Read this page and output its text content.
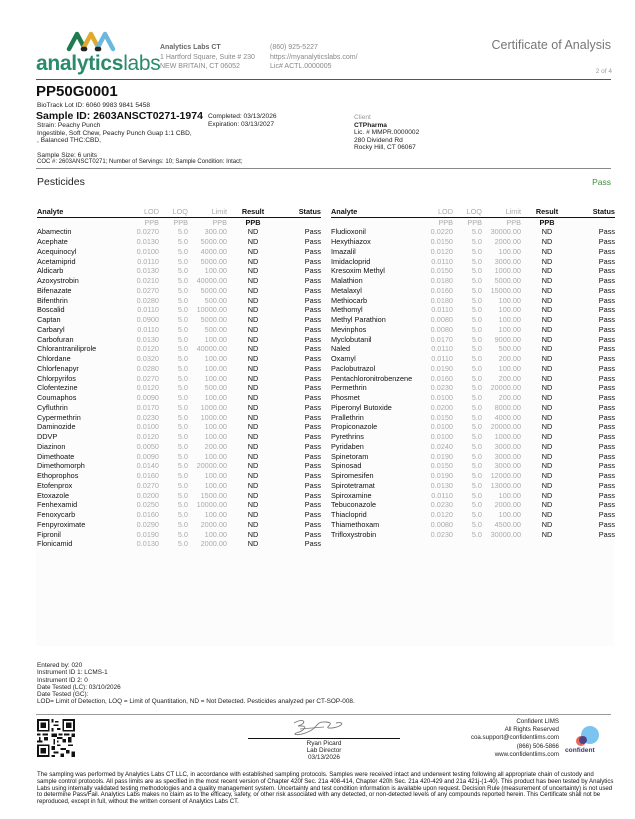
analyticslabs
Analytics Labs CT
1 Hartford Square, Suite # 230
NEW BRITAIN, CT 06052
(860) 925-5227
https://myanalyticslabs.com/
Lic# ACTL.0000005
Certificate of Analysis
2 of 4
PP50G0001
BioTrack Lot ID: 6060 9983 9841 5458
Sample ID: 2603ANSCT0271-1974
Strain: Peachy Punch
Ingestible, Soft Chew, Peachy Punch Guap 1:1 CBD,
, Balanced THC:CBD,
Sample Size: 6 units
COC #: 2603ANSCT0271; Number of Servings: 10; Sample Condition: Intact;
Completed: 03/13/2026
Expiration: 03/13/2027
Client
CTPharma
Lic. # MMPR.0000002
280 Dividend Rd
Rocky Hill, CT 06067
Pesticides	Pass
Analyte	LOD	LOQ	Limit	Result	Status
PPB	PPB	PPB	PPB
Abamectin	0.0270	5.0	300.00	ND	Pass
Acephate	0.0130	5.0	5000.00	ND	Pass
Acequinocyl	0.0100	5.0	4000.00	ND	Pass
Acetamiprid	0.0110	5.0	5000.00	ND	Pass
Aldicarb	0.0130	5.0	100.00	ND	Pass
Azoxystrobin	0.0210	5.0	40000.00	ND	Pass
Bifenazate	0.0270	5.0	5000.00	ND	Pass
Bifenthrin	0.0280	5.0	500.00	ND	Pass
Boscalid	0.0110	5.0	10000.00	ND	Pass
Captan	0.0900	5.0	5000.00	ND	Pass
Carbaryl	0.0110	5.0	500.00	ND	Pass
Carbofuran	0.0130	5.0	100.00	ND	Pass
Chlorantraniliprole	0.0120	5.0	40000.00	ND	Pass
Chlordane	0.0320	5.0	100.00	ND	Pass
Chlorfenapyr	0.0280	5.0	100.00	ND	Pass
Chlorpyrifos	0.0270	5.0	100.00	ND	Pass
Clofentezine	0.0120	5.0	500.00	ND	Pass
Coumaphos	0.0090	5.0	100.00	ND	Pass
Cyfluthrin	0.0170	5.0	1000.00	ND	Pass
Cypermethrin	0.0230	5.0	1000.00	ND	Pass
Daminozide	0.0100	5.0	100.00	ND	Pass
DDVP	0.0120	5.0	100.00	ND	Pass
Diazinon	0.0050	5.0	200.00	ND	Pass
Dimethoate	0.0090	5.0	100.00	ND	Pass
Dimethomorph	0.0140	5.0	20000.00	ND	Pass
Ethoprophos	0.0160	5.0	100.00	ND	Pass
Etofenprox	0.0270	5.0	100.00	ND	Pass
Etoxazole	0.0200	5.0	1500.00	ND	Pass
Fenhexamid	0.0250	5.0	10000.00	ND	Pass
Fenoxycarb	0.0160	5.0	100.00	ND	Pass
Fenpyroximate	0.0290	5.0	2000.00	ND	Pass
Fipronil	0.0190	5.0	100.00	ND	Pass
Flonicamid	0.0130	5.0	2000.00	ND	Pass
Analyte	LOD	LOQ	Limit	Result	Status
PPB	PPB	PPB	PPB
Fludioxonil	0.0220	5.0	30000.00	ND	Pass
Hexythiazox	0.0150	5.0	2000.00	ND	Pass
Imazalil	0.0120	5.0	100.00	ND	Pass
Imidacloprid	0.0110	5.0	3000.00	ND	Pass
Kresoxim Methyl	0.0150	5.0	1000.00	ND	Pass
Malathion	0.0180	5.0	5000.00	ND	Pass
Metalaxyl	0.0160	5.0	15000.00	ND	Pass
Methiocarb	0.0180	5.0	100.00	ND	Pass
Methomyl	0.0110	5.0	100.00	ND	Pass
Methyl Parathion	0.0080	5.0	100.00	ND	Pass
Mevinphos	0.0080	5.0	100.00	ND	Pass
Myclobutanil	0.0170	5.0	9000.00	ND	Pass
Naled	0.0110	5.0	500.00	ND	Pass
Oxamyl	0.0110	5.0	200.00	ND	Pass
Paclobutrazol	0.0190	5.0	100.00	ND	Pass
Pentachloronitrobenzene	0.0160	5.0	200.00	ND	Pass
Permethrin	0.0230	5.0	20000.00	ND	Pass
Phosmet	0.0100	5.0	200.00	ND	Pass
Piperonyl Butoxide	0.0200	5.0	8000.00	ND	Pass
Prallethrin	0.0150	5.0	4000.00	ND	Pass
Propiconazole	0.0100	5.0	20000.00	ND	Pass
Pyrethrins	0.0100	5.0	1000.00	ND	Pass
Pyridaben	0.0240	5.0	3000.00	ND	Pass
Spinetoram	0.0190	5.0	3000.00	ND	Pass
Spinosad	0.0150	5.0	3000.00	ND	Pass
Spiromesifen	0.0190	5.0	12000.00	ND	Pass
Spirotetramat	0.0130	5.0	13000.00	ND	Pass
Spiroxamine	0.0110	5.0	100.00	ND	Pass
Tebuconazole	0.0230	5.0	2000.00	ND	Pass
Thiacloprid	0.0120	5.0	100.00	ND	Pass
Thiamethoxam	0.0080	5.0	4500.00	ND	Pass
Trifloxystrobin	0.0230	5.0	30000.00	ND	Pass
Entered by: 020
Instrument ID 1: LCMS-1
Instrument ID 2: 0
Date Tested (LC): 03/10/2026
Date Tested (GC):
LOD= Limit of Detection, LOQ = Limit of Quantitation, ND = Not Detected. Pesticides analyzed per CT-SOP-008.
Ryan Picard
Lab Director
03/13/2026
Confident LIMS
All Rights Reserved
coa.support@confidentlims.com
(866) 506-5866
www.confidentlims.com
confident
The sampling was performed by Analytics Labs CT LLC, in accordance with established sampling protocols. Samples were received intact and underwent testing following all appropriate chain of custody and sample control protocols. All pass limits are as specified in the most recent version of Chapter 420f Sec. 21a 408-414, Chapter 420h Sec. 21a 420-429 and 21a 421j-(1-40). This product has been tested by Analytics Labs using internally validated testing methodologies and a quality management system. Uncertainty and test condition information is available upon request. Decision Rule (measurement of uncertainty) is not used to determine Pass/Fail. Analytics Labs makes no claim as to the efficacy, safety, or other risk associated with any detected, or non-detected levels of any compounds reported herein. This Certificate shall not be reproduced, except in full, without the written consent of Analytics Labs CT.
